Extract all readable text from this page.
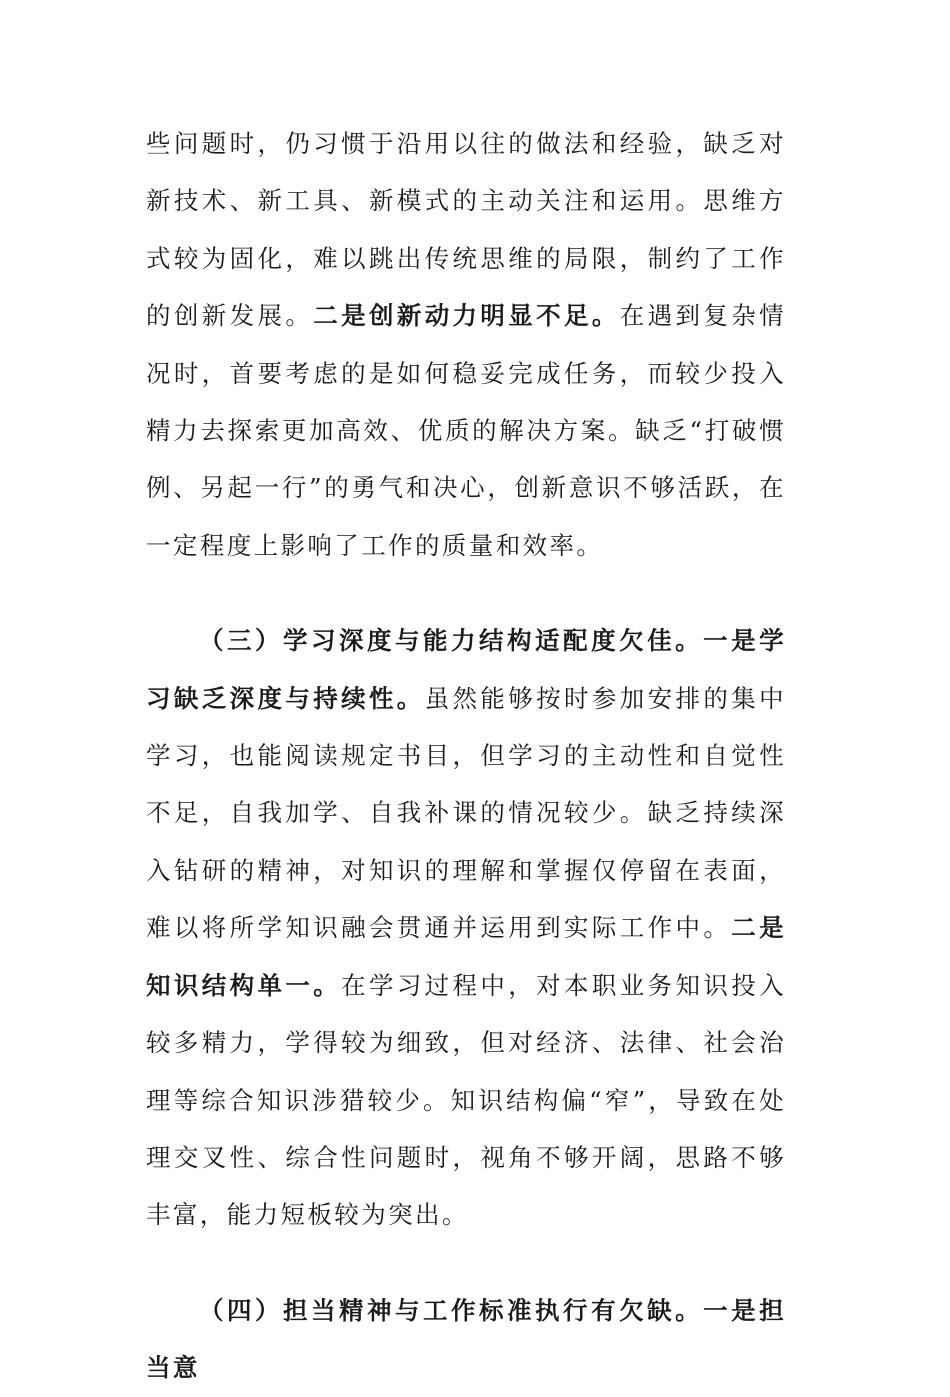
些问题时，仍习惯于沿用以往的做法和经验，缺乏对新技术、新工具、新模式的主动关注和运用。思维方式较为固化，难以跳出传统思维的局限，制约了工作的创新发展。二是创新动力明显不足。在遇到复杂情况时，首要考虑的是如何稳妥完成任务，而较少投入精力去探索更加高效、优质的解决方案。缺乏“打破惯例、另起一行”的勇气和决心，创新意识不够活跃，在一定程度上影响了工作的质量和效率。

（三）学习深度与能力结构适配度欠佳。一是学习缺乏深度与持续性。虽然能够按时参加安排的集中学习，也能阅读规定书目，但学习的主动性和自觉性不足，自我加学、自我补课的情况较少。缺乏持续深入钻研的精神，对知识的理解和掌握仅停留在表面，难以将所学知识融会贯通并运用到实际工作中。二是知识结构单一。在学习过程中，对本职业务知识投入较多精力，学得较为细致，但对经济、法律、社会治理等综合知识涉猎较少。知识结构偏“窄”，导致在处理交叉性、综合性问题时，视角不够开阔，思路不够丰富，能力短板较为突出。

（四）担当精神与工作标准执行有欠缺。一是担当意
